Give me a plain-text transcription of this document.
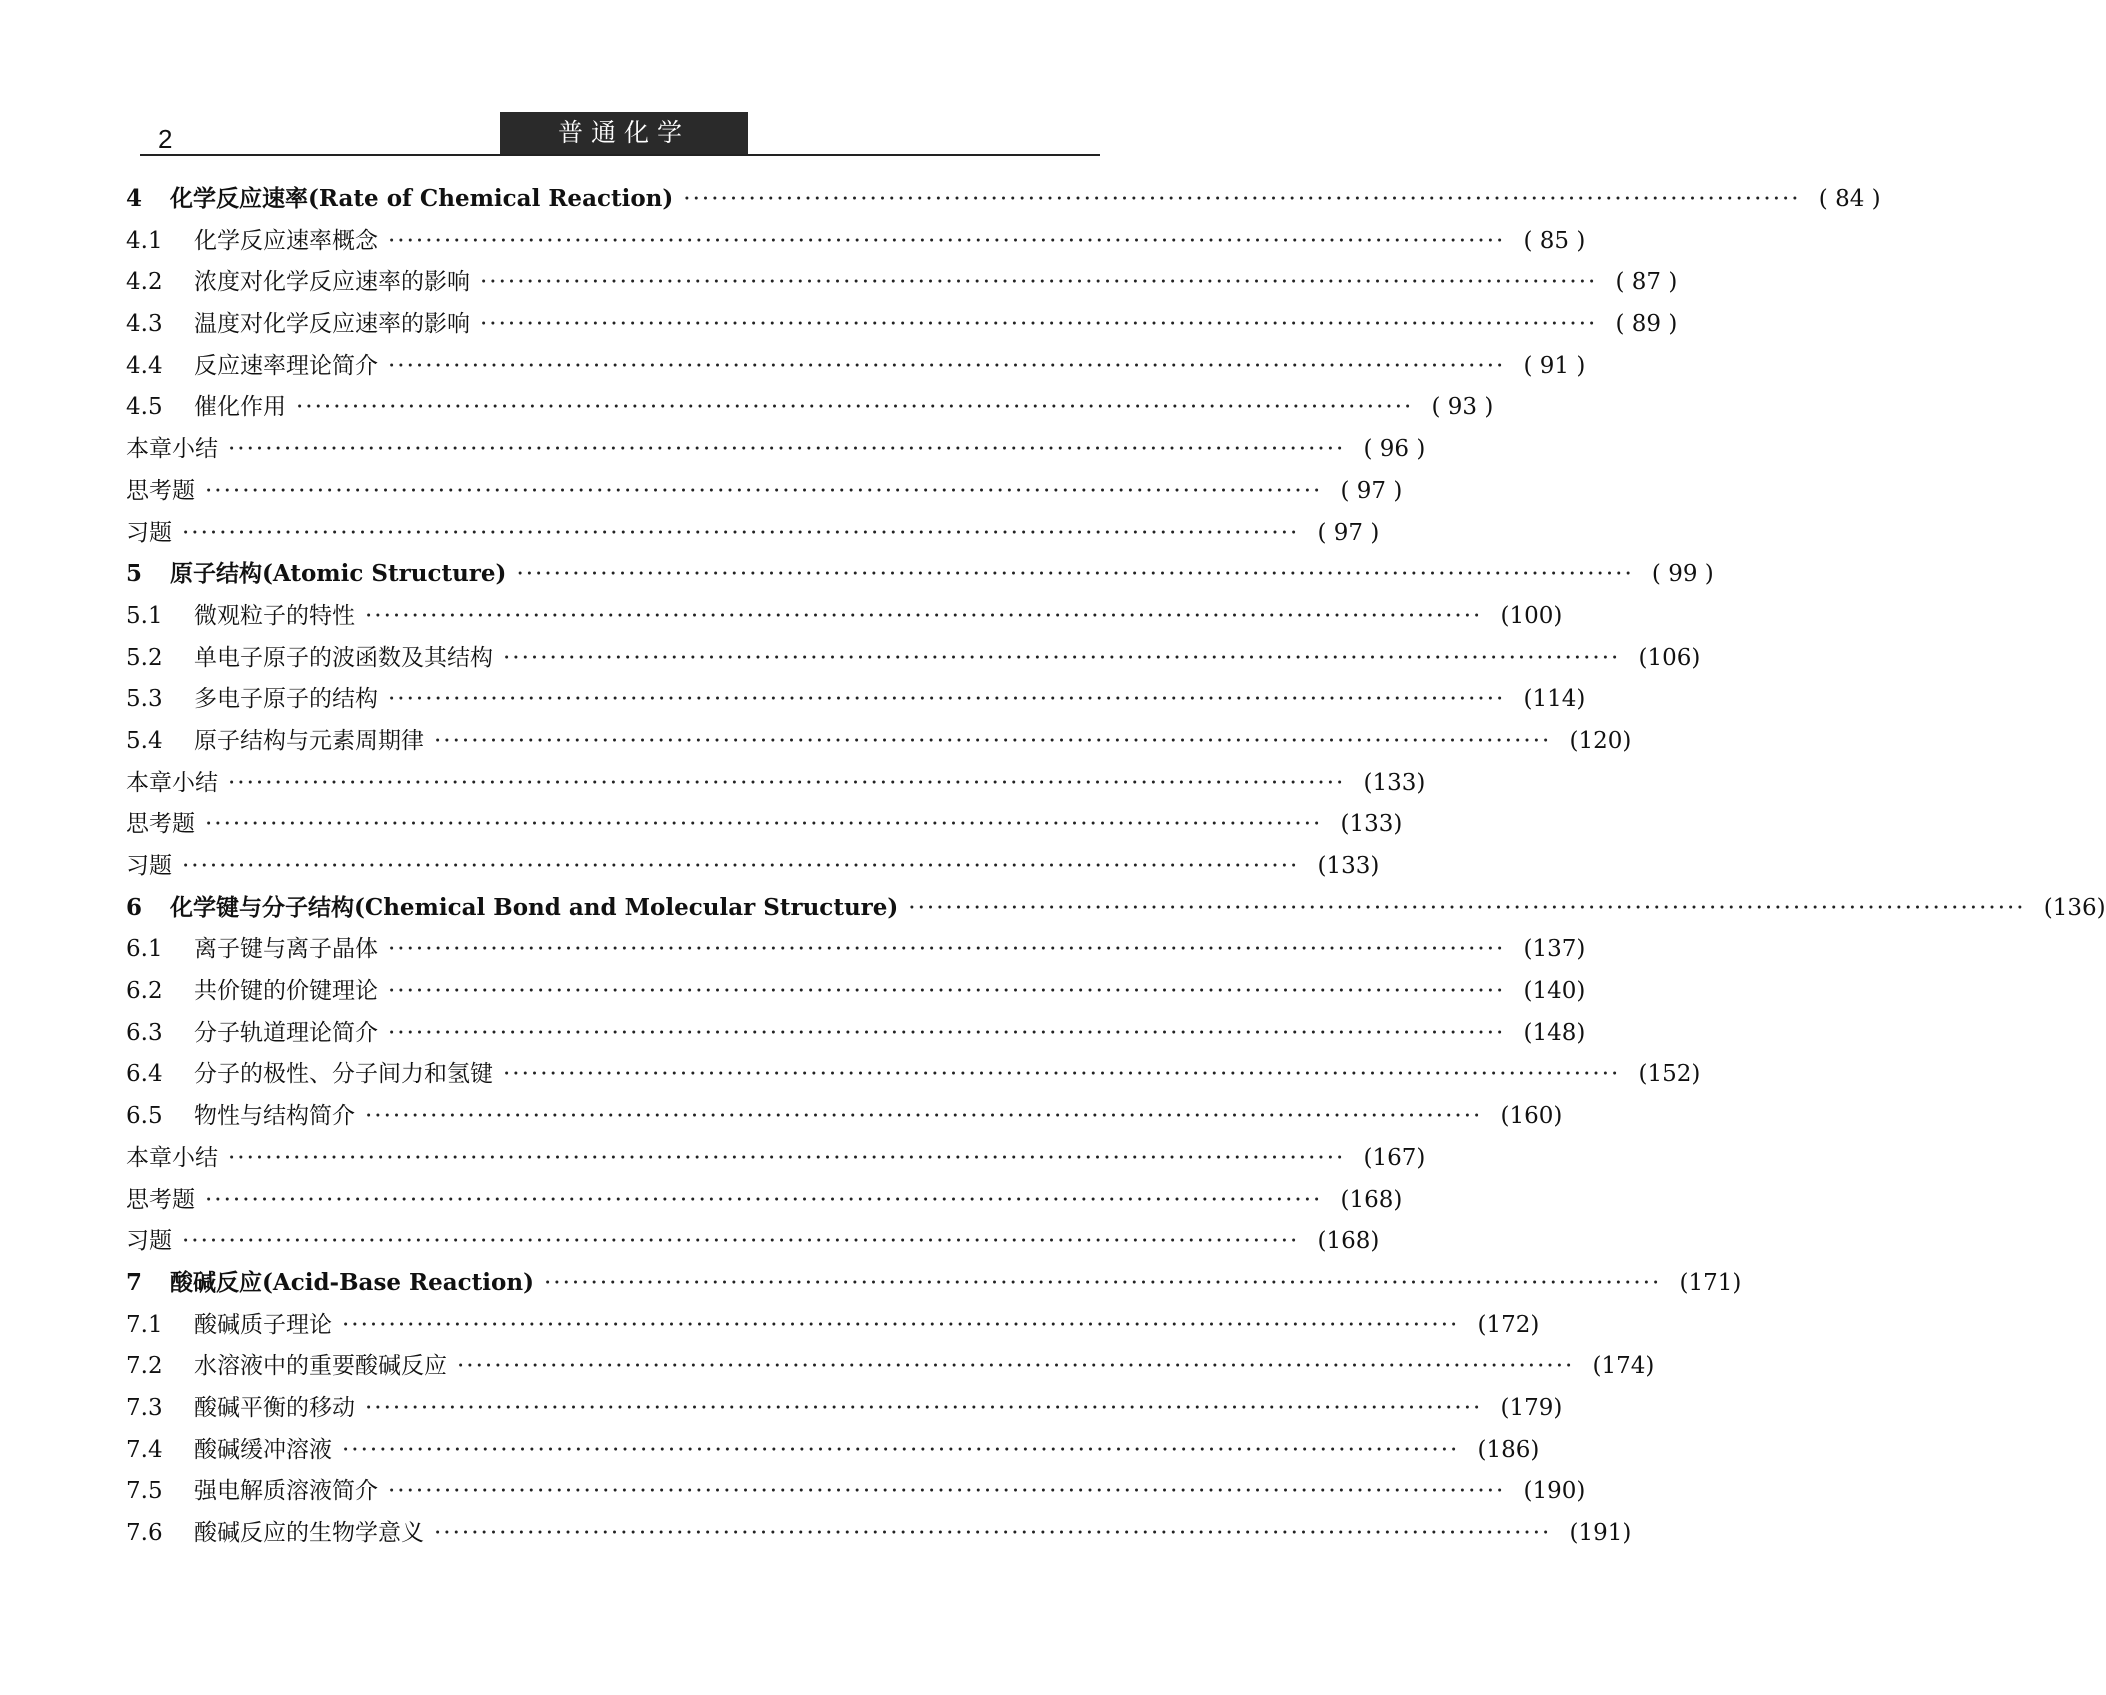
2	普通化学
4	化学反应速率(Rate of Chemical Reaction) ························································································································ ( 84 )
4.1	化学反应速率概念 ························································································································ ( 85 )
4.2	浓度对化学反应速率的影响 ························································································································ ( 87 )
4.3	温度对化学反应速率的影响 ························································································································ ( 89 )
4.4	反应速率理论简介 ························································································································ ( 91 )
4.5	催化作用 ························································································································ ( 93 )
本章小结 ························································································································ ( 96 )
思考题 ························································································································ ( 97 )
习题 ························································································································ ( 97 )
5	原子结构(Atomic Structure) ························································································································ ( 99 )
5.1	微观粒子的特性 ························································································································ (100)
5.2	单电子原子的波函数及其结构 ························································································································ (106)
5.3	多电子原子的结构 ························································································································ (114)
5.4	原子结构与元素周期律 ························································································································ (120)
本章小结 ························································································································ (133)
思考题 ························································································································ (133)
习题 ························································································································ (133)
6	化学键与分子结构(Chemical Bond and Molecular Structure) ························································································································ (136)
6.1	离子键与离子晶体 ························································································································ (137)
6.2	共价键的价键理论 ························································································································ (140)
6.3	分子轨道理论简介 ························································································································ (148)
6.4	分子的极性、分子间力和氢键 ························································································································ (152)
6.5	物性与结构简介 ························································································································ (160)
本章小结 ························································································································ (167)
思考题 ························································································································ (168)
习题 ························································································································ (168)
7	酸碱反应(Acid-Base Reaction) ························································································································ (171)
7.1	酸碱质子理论 ························································································································ (172)
7.2	水溶液中的重要酸碱反应 ························································································································ (174)
7.3	酸碱平衡的移动 ························································································································ (179)
7.4	酸碱缓冲溶液 ························································································································ (186)
7.5	强电解质溶液简介 ························································································································ (190)
7.6	酸碱反应的生物学意义 ························································································································ (191)
